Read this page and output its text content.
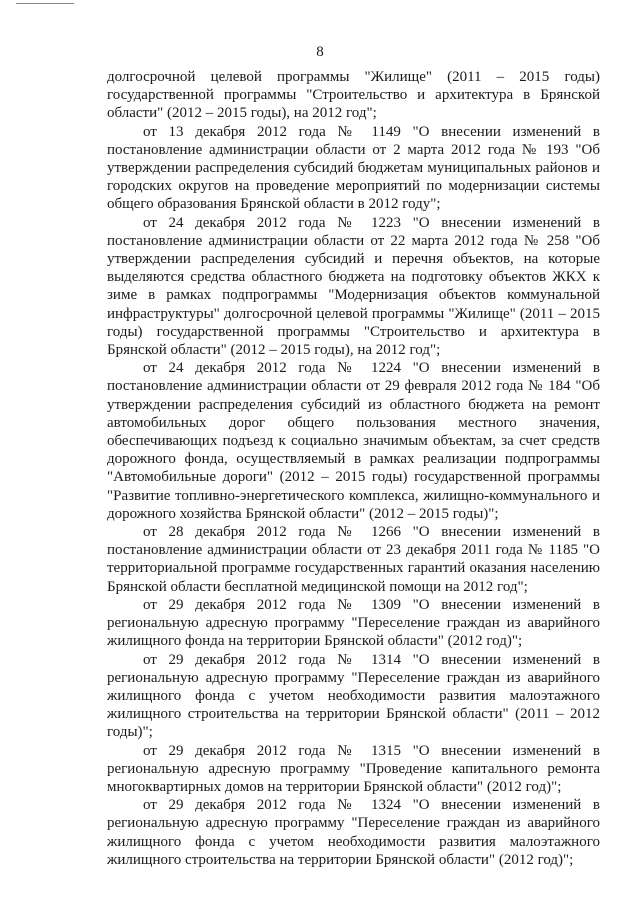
8

долгосрочной целевой программы "Жилище" (2011 – 2015 годы) государственной программы "Строительство и архитектура в Брянской области" (2012 – 2015 годы), на 2012 год";

от 13 декабря 2012 года № 1149 "О внесении изменений в постановление администрации области от 2 марта 2012 года № 193 "Об утверждении распределения субсидий бюджетам муниципальных районов и городских округов на проведение мероприятий по модернизации системы общего образования Брянской области в 2012 году";

от 24 декабря 2012 года № 1223 "О внесении изменений в постановление администрации области от 22 марта 2012 года № 258 "Об утверждении распределения субсидий и перечня объектов, на которые выделяются средства областного бюджета на подготовку объектов ЖКХ к зиме в рамках подпрограммы "Модернизация объектов коммунальной инфраструктуры" долгосрочной целевой программы "Жилище" (2011 – 2015 годы) государственной программы "Строительство и архитектура в Брянской области" (2012 – 2015 годы), на 2012 год";

от 24 декабря 2012 года № 1224 "О внесении изменений в постановление администрации области от 29 февраля 2012 года № 184 "Об утверждении распределения субсидий из областного бюджета на ремонт автомобильных дорог общего пользования местного значения, обеспечивающих подъезд к социально значимым объектам, за счет средств дорожного фонда, осуществляемый в рамках реализации подпрограммы "Автомобильные дороги" (2012 – 2015 годы) государственной программы "Развитие топливно-энергетического комплекса, жилищно-коммунального и дорожного хозяйства Брянской области" (2012 – 2015 годы)";

от 28 декабря 2012 года № 1266 "О внесении изменений в постановление администрации области от 23 декабря 2011 года № 1185 "О территориальной программе государственных гарантий оказания населению Брянской области бесплатной медицинской помощи на 2012 год";

от 29 декабря 2012 года № 1309 "О внесении изменений в региональную адресную программу "Переселение граждан из аварийного жилищного фонда на территории Брянской области" (2012 год)";

от 29 декабря 2012 года № 1314 "О внесении изменений в региональную адресную программу "Переселение граждан из аварийного жилищного фонда с учетом необходимости развития малоэтажного жилищного строительства на территории Брянской области" (2011 – 2012 годы)";

от 29 декабря 2012 года № 1315 "О внесении изменений в региональную адресную программу "Проведение капитального ремонта многоквартирных домов на территории Брянской области" (2012 год)";

от 29 декабря 2012 года № 1324 "О внесении изменений в региональную адресную программу "Переселение граждан из аварийного жилищного фонда с учетом необходимости развития малоэтажного жилищного строительства на территории Брянской области" (2012 год)";
